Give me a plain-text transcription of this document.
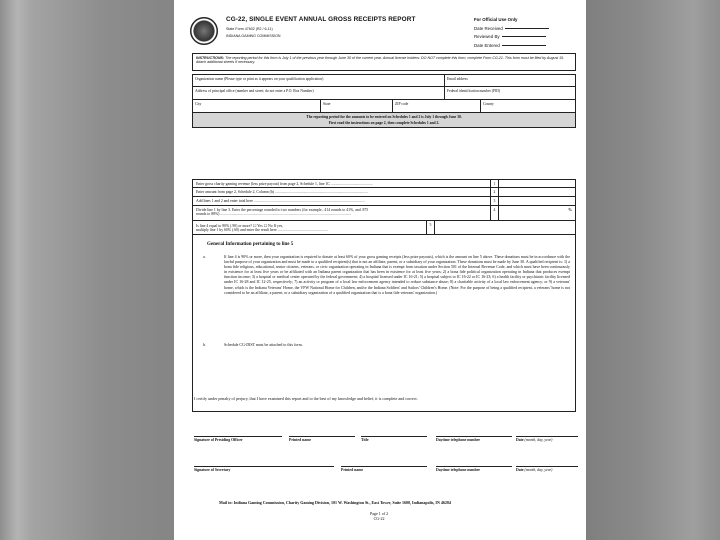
CG-22, SINGLE EVENT ANNUAL GROSS RECEIPTS REPORT
State Form 47602 (R2 / 6-11)
INDIANA GAMING COMMISSION
For Official Use Only
Date Received
Reviewed By
Date Entered
INSTRUCTIONS: The reporting period for this form is July 1 of the previous year through June 30 of the current year. Annual license holders: DO NOT complete this form; complete Form CG-21. This form must be filed by August 15. Attach additional sheets if necessary.
Organization name (Please type or print as it appears on your qualification application)	Email address
Address of principal office (number and street; do not enter a P.O. Box Number)	Federal identification number (FID)
City	State	ZIP code	County
The reporting period for the amounts to be entered on Schedules 1 and 2 is July 1 through June 30.
First read the instructions on page 2, then complete Schedules 1 and 2.
Enter gross charity gaming revenue (less prize payout) from page 2, Schedule 1, line 1C ............................................	1
Enter amount from page 2, Schedule 2, Column (h) ..................................................................................................	2
Add lines 1 and 2 and enter total here .....................................................................................................................	3
Divide line 1 by line 3. Enter the percentage rounded to two numbers (for example, .414 rounds to 41%, and .875
rounds to 88%) ..........................................................................................................................................
4	%
Is line 4 equal to 90% (.90) or more? ☐ Yes ☐ No If yes,
multiply line 1 by 60% (.60) and enter the result here .....................................................
5
General Information pertaining to line 5
a.	If line 4 is 90% or more, then your organization is required to donate at least 60% of your gross gaming receipts (less prize payouts), which is the amount on line 5 above. These donations must be in accordance with the lawful purpose of your organization and must be made to a qualified recipient(s) that is not an affiliate, parent, or a subsidiary of your organization. These donations must be made by June 30. A qualified recipient is: 1) a bona fide religious, educational, senior citizens, veterans, or civic organization operating in Indiana that is exempt from taxation under Section 501 of the Internal Revenue Code, and which must have been continuously in existence for at least five years or be affiliated with an Indiana parent organization that has been in existence for at least five years; 2) a bona fide political organization operating in Indiana that produces exempt function income; 3) a hospital or medical center operated by the federal government; 4) a hospital licensed under IC 16-21; 5) a hospital subject to IC 16-22 or IC 16-23; 6) a health facility or psychiatric facility licensed under IC 16-28 and IC 12-25, respectively; 7) an activity or program of a local law enforcement agency intended to reduce substance abuse; 8) a charitable activity of a local law enforcement agency; or 9) a veterans' home, which is the Indiana Veterans' Home, the VFW National Home for Children, and/or the Indiana Soldiers' and Sailors' Children's Home. (Note: For the purpose of being a qualified recipient, a veterans' home is not considered to be an affiliate, a parent, or a subsidiary organization of a qualified organization that is a bona fide veterans' organization.)
b.	Schedule CG-DIST must be attached to this form.
I certify under penalty of perjury, that I have examined this report and to the best of my knowledge and belief, it is complete and correct.
Signature of Presiding Officer	Printed name	Title	Daytime telephone number	Date (month, day, year)
Signature of Secretary	Printed name	Daytime telephone number	Date (month, day, year)
Mail to: Indiana Gaming Commission, Charity Gaming Division, 101 W. Washington St., East Tower, Suite 1600, Indianapolis, IN 46204
Page 1 of 2
CG-22
